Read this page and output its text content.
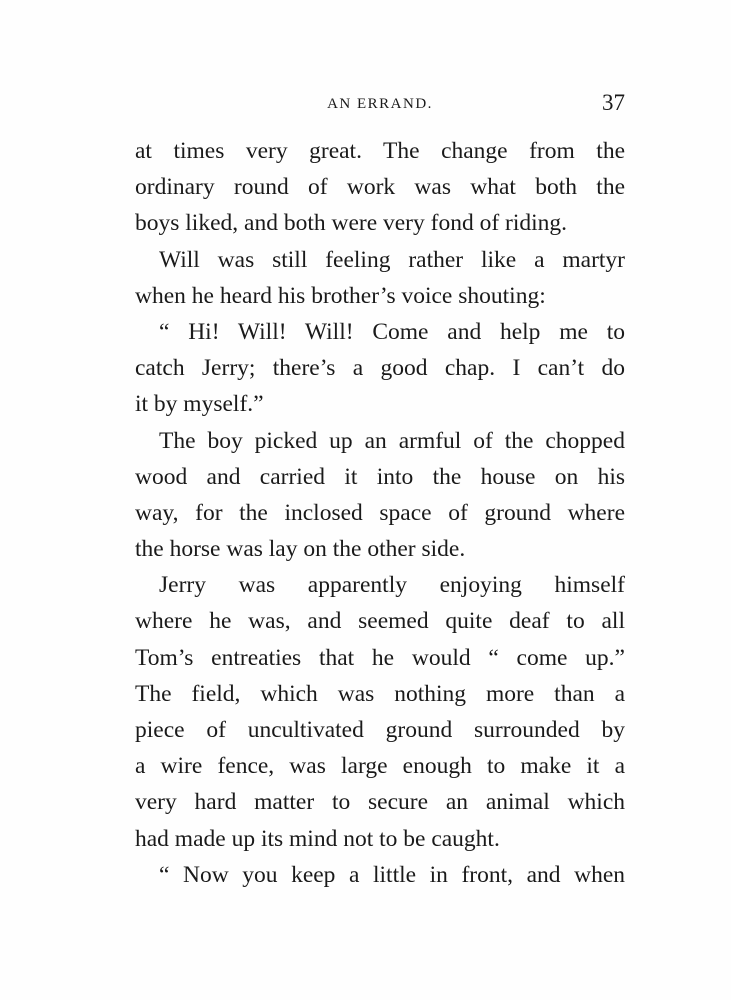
AN ERRAND.	37
at times very great. The change from the
ordinary round of work was what both the
boys liked, and both were very fond of riding.
Will was still feeling rather like a martyr
when he heard his brother’s voice shouting:
“ Hi! Will! Will! Come and help me to
catch Jerry; there’s a good chap. I can’t do
it by myself.”
The boy picked up an armful of the chopped
wood and carried it into the house on his
way, for the inclosed space of ground where
the horse was lay on the other side.
Jerry was apparently enjoying himself
where he was, and seemed quite deaf to all
Tom’s entreaties that he would “ come up.”
The field, which was nothing more than a
piece of uncultivated ground surrounded by
a wire fence, was large enough to make it a
very hard matter to secure an animal which
had made up its mind not to be caught.
“ Now you keep a little in front, and when
